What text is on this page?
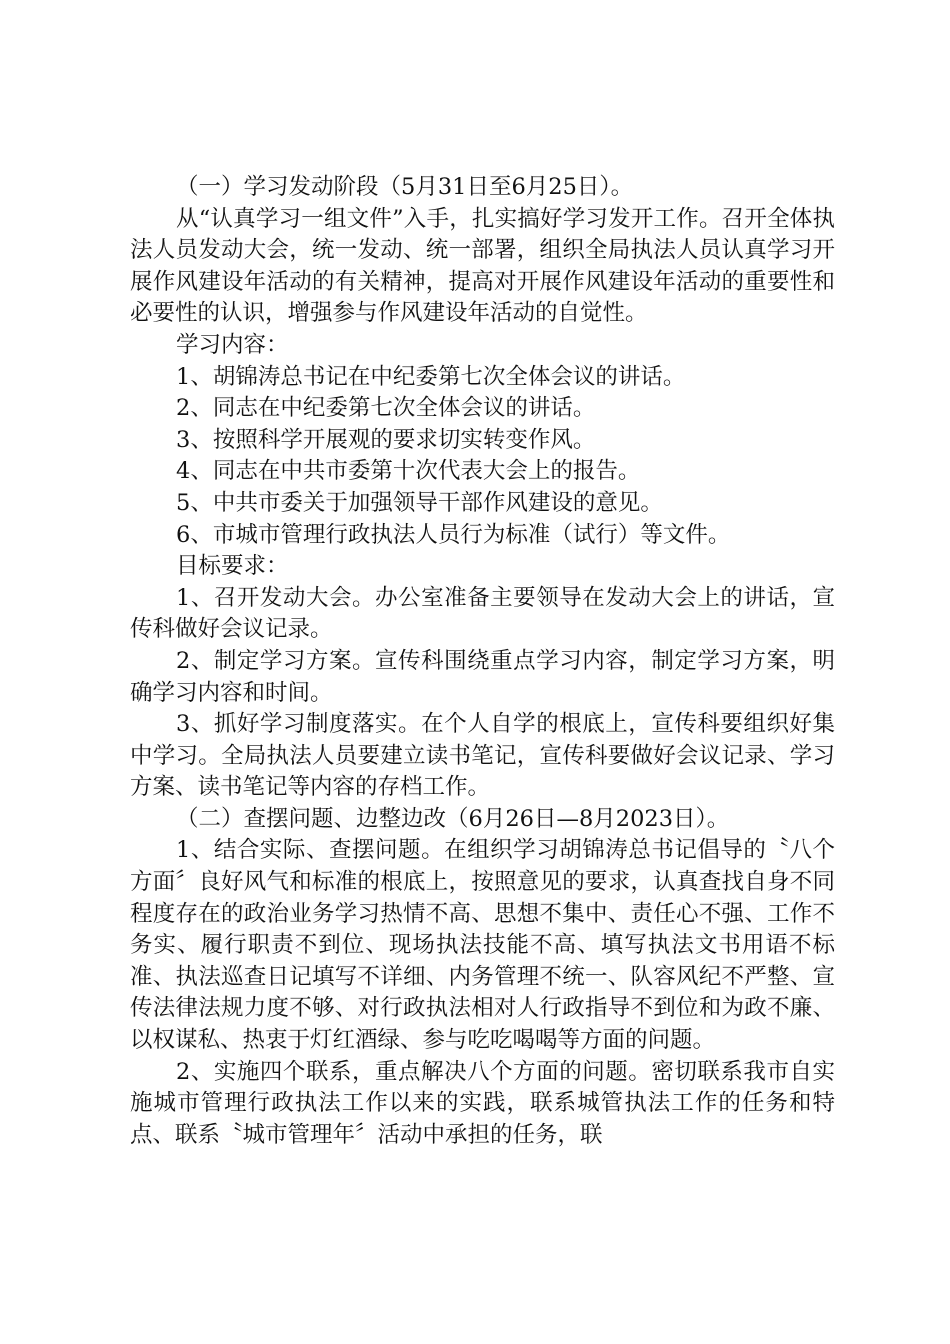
（一）学习发动阶段（5月31日至6月25日）。

从“认真学习一组文件”入手，扎实搞好学习发开工作。召开全体执法人员发动大会，统一发动、统一部署，组织全局执法人员认真学习开展作风建设年活动的有关精神，提高对开展作风建设年活动的重要性和必要性的认识，增强参与作风建设年活动的自觉性。

学习内容：

1、胡锦涛总书记在中纪委第七次全体会议的讲话。

2、同志在中纪委第七次全体会议的讲话。

3、按照科学开展观的要求切实转变作风。

4、同志在中共市委第十次代表大会上的报告。

5、中共市委关于加强领导干部作风建设的意见。

6、市城市管理行政执法人员行为标准（试行）等文件。

目标要求：

1、召开发动大会。办公室准备主要领导在发动大会上的讲话，宣传科做好会议记录。

2、制定学习方案。宣传科围绕重点学习内容，制定学习方案，明确学习内容和时间。

3、抓好学习制度落实。在个人自学的根底上，宣传科要组织好集中学习。全局执法人员要建立读书笔记，宣传科要做好会议记录、学习方案、读书笔记等内容的存档工作。

（二）查摆问题、边整边改（6月26日—8月2023日）。

1、结合实际、查摆问题。在组织学习胡锦涛总书记倡导的〝八个方面〞良好风气和标准的根底上，按照意见的要求，认真查找自身不同程度存在的政治业务学习热情不高、思想不集中、责任心不强、工作不务实、履行职责不到位、现场执法技能不高、填写执法文书用语不标准、执法巡查日记填写不详细、内务管理不统一、队容风纪不严整、宣传法律法规力度不够、对行政执法相对人行政指导不到位和为政不廉、以权谋私、热衷于灯红酒绿、参与吃吃喝喝等方面的问题。

2、实施四个联系，重点解决八个方面的问题。密切联系我市自实施城市管理行政执法工作以来的实践，联系城管执法工作的任务和特点、联系〝城市管理年〞活动中承担的任务，联
